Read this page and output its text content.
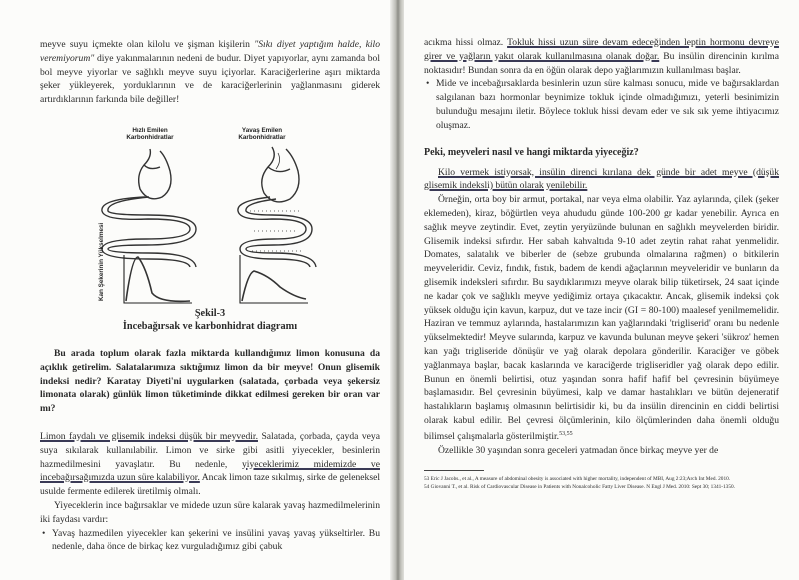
meyve suyu içmekte olan kilolu ve şişman kişilerin "Sıkı diyet yaptığım halde, kilo veremiyorum" diye yakınmalarının nedeni de budur. Diyet yapıyorlar, aynı zamanda bol bol meyve yiyorlar ve sağlıklı meyve suyu içiyorlar. Karaciğerlerine aşırı miktarda şeker yükleyerek, yorduklarının ve de karaciğerlerinin yağlanmasını giderek artırdıklarının farkında bile değiller!

Hızlı Emilen Karbonhidratlar
Yavaş Emilen Karbonhidratlar
Kan Şekerinin Yükselmesi
Şekil-3
İncebağırsak ve karbonhidrat diagramı

Bu arada toplum olarak fazla miktarda kullandığımız limon konusuna da açıklık getirelim. Salatalarımıza sıktığımız limon da bir meyve! Onun glisemik indeksi nedir? Karatay Diyeti'ni uygularken (salatada, çorbada veya şekersiz limonata olarak) günlük limon tüketiminde dikkat edilmesi gereken bir oran var mı?

Limon faydalı ve glisemik indeksi düşük bir meyvedir. Salatada, çorbada, çayda veya suya sıkılarak kullanılabilir. Limon ve sirke gibi asitli yiyecekler, besinlerin hazmedilmesini yavaşlatır. Bu nedenle, yiyeceklerimiz midemizde ve incebağırsağımızda uzun süre kalabiliyor. Ancak limon taze sıkılmış, sirke de geleneksel usulde fermente edilerek üretilmiş olmalı.

Yiyeceklerin ince bağırsaklar ve midede uzun süre kalarak yavaş hazmedilmelerinin iki faydası vardır:

• Yavaş hazmedilen yiyecekler kan şekerini ve insülini yavaş yavaş yükseltirler. Bu nedenle, daha önce de birkaç kez vurguladığımız gibi çabuk

acıkma hissi olmaz. Tokluk hissi uzun süre devam edeceğinden leptin hormonu devreye girer ve yağların yakıt olarak kullanılmasına olanak doğar. Bu insülin direncinin kırılma noktasıdır! Bundan sonra da en öğün olarak depo yağlarımızın kullanılması başlar.

• Mide ve incebağırsaklarda besinlerin uzun süre kalması sonucu, mide ve bağırsaklardan salgılanan bazı hormonlar beynimize tokluk içinde olmadığımızı, yeterli besinimizin bulunduğu mesajını iletir. Böylece tokluk hissi devam eder ve sık sık yeme ihtiyacımız oluşmaz.
Peki, meyveleri nasıl ve hangi miktarda yiyeceğiz?

Kilo vermek istiyorsak, insülin direnci kırılana dek günde bir adet meyve (düşük glisemik indeksli) bütün olarak yenilebilir.

Örneğin, orta boy bir armut, portakal, nar veya elma olabilir. Yaz aylarında, çilek (şeker eklemeden), kiraz, böğürtlen veya ahududu günde 100-200 gr kadar yenebilir. Ayrıca en sağlık meyve zeytindir. Evet, zeytin yeryüzünde bulunan en sağlıklı meyvelerden biridir. Glisemik indeksi sıfırdır. Her sabah kahvaltıda 9-10 adet zeytin rahat rahat yenmelidir. Domates, salatalık ve biberler de (sebze grubunda olmalarına rağmen) o bitkilerin meyveleridir. Ceviz, fındık, fıstık, badem de kendi ağaçlarının meyveleridir ve bunların da glisemik indeksleri sıfırdır. Bu saydıklarımızı meyve olarak bilip tüketirsek, 24 saat içinde ne kadar çok ve sağlıklı meyve yediğimiz ortaya çıkacaktır. Ancak, glisemik indeksi çok yüksek olduğu için kavun, karpuz, dut ve taze incir (GI = 80-100) maalesef yenilmemelidir. Haziran ve temmuz aylarında, hastalarımızın kan yağlarındaki 'trigliserid' oranı bu nedenle yükselmektedir! Meyve sularında, karpuz ve kavunda bulunan meyve şekeri 'sükroz' hemen kan yağı trigliseride dönüşür ve yağ olarak depolara gönderilir. Karaciğer ve göbek yağlanmaya başlar, bacak kaslarında ve karaciğerde trigliseridler yağ olarak depo edilir. Bunun en önemli belirtisi, otuz yaşından sonra hafif hafif bel çevresinin büyümeye başlamasıdır. Bel çevresinin büyümesi, kalp ve damar hastalıkları ve bütün dejeneratif hastalıkların başlamış olmasının belirtisidir ki, bu da insülin direncinin en ciddi belirtisi olarak kabul edilir. Bel çevresi ölçümlerinin, kilo ölçümlerinden daha önemli olduğu bilimsel çalışmalarla gösterilmiştir.$^{53,55}$

Özellikle 30 yaşından sonra geceleri yatmadan önce birkaç meyve yer de

53 Eric J Jacobs., et al., A measure of abdominal obesity is associated with higher mortality, independent of MBI, Aug 2:23;Arch Int Med. 2010.

54 Giovanni T., et al. Risk of Cardiovascular Disease in Patients with Nonalcoholic Fatty Liver Disease. N Engl J Med. 2010: Sept 30; 1341-1350.
